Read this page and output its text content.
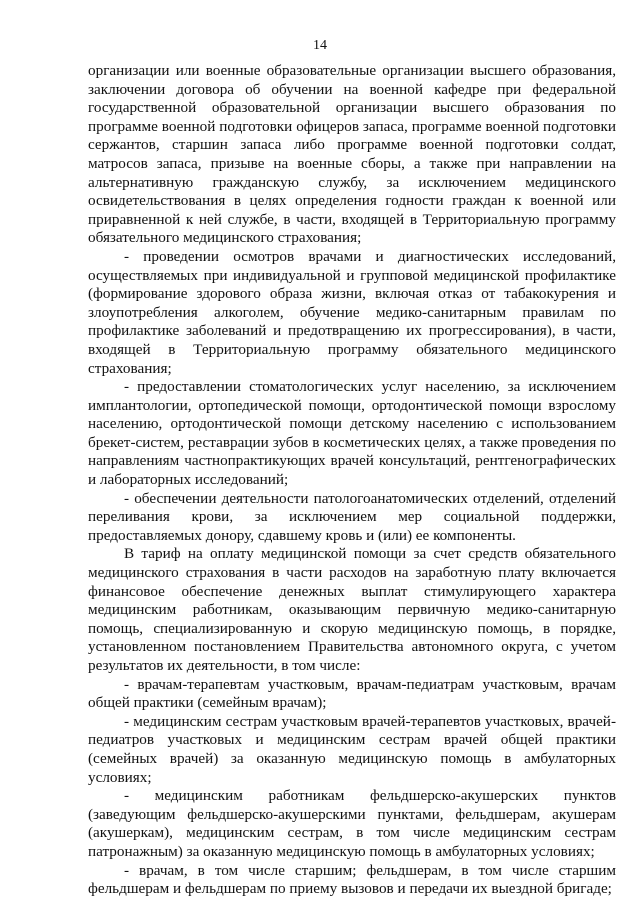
14

организации или военные образовательные организации высшего образования, заключении договора об обучении на военной кафедре при федеральной государственной образовательной организации высшего образования по программе военной подготовки офицеров запаса, программе военной подготовки сержантов, старшин запаса либо программе военной подготовки солдат, матросов запаса, призыве на военные сборы, а также при направлении на альтернативную гражданскую службу, за исключением медицинского освидетельствования в целях определения годности граждан к военной или приравненной к ней службе, в части, входящей в Территориальную программу обязательного медицинского страхования;

- проведении осмотров врачами и диагностических исследований, осуществляемых при индивидуальной и групповой медицинской профилактике (формирование здорового образа жизни, включая отказ от табакокурения и злоупотребления алкоголем, обучение медико-санитарным правилам по профилактике заболеваний и предотвращению их прогрессирования), в части, входящей в Территориальную программу обязательного медицинского страхования;

- предоставлении стоматологических услуг населению, за исключением имплантологии, ортопедической помощи, ортодонтической помощи взрослому населению, ортодонтической помощи детскому населению с использованием брекет-систем, реставрации зубов в косметических целях, а также проведения по направлениям частнопрактикующих врачей консультаций, рентгенографических и лабораторных исследований;

- обеспечении деятельности патологоанатомических отделений, отделений переливания крови, за исключением мер социальной поддержки, предоставляемых донору, сдавшему кровь и (или) ее компоненты.

В тариф на оплату медицинской помощи за счет средств обязательного медицинского страхования в части расходов на заработную плату включается финансовое обеспечение денежных выплат стимулирующего характера медицинским работникам, оказывающим первичную медико-санитарную помощь, специализированную и скорую медицинскую помощь, в порядке, установленном постановлением Правительства автономного округа, с учетом результатов их деятельности, в том числе:

- врачам-терапевтам участковым, врачам-педиатрам участковым, врачам общей практики (семейным врачам);

- медицинским сестрам участковым врачей-терапевтов участковых, врачей-педиатров участковых и медицинским сестрам врачей общей практики (семейных врачей) за оказанную медицинскую помощь в амбулаторных условиях;

- медицинским работникам фельдшерско-акушерских пунктов (заведующим фельдшерско-акушерскими пунктами, фельдшерам, акушерам (акушеркам), медицинским сестрам, в том числе медицинским сестрам патронажным) за оказанную медицинскую помощь в амбулаторных условиях;

- врачам, в том числе старшим; фельдшерам, в том числе старшим фельдшерам и фельдшерам по приему вызовов и передачи их выездной бригаде;
